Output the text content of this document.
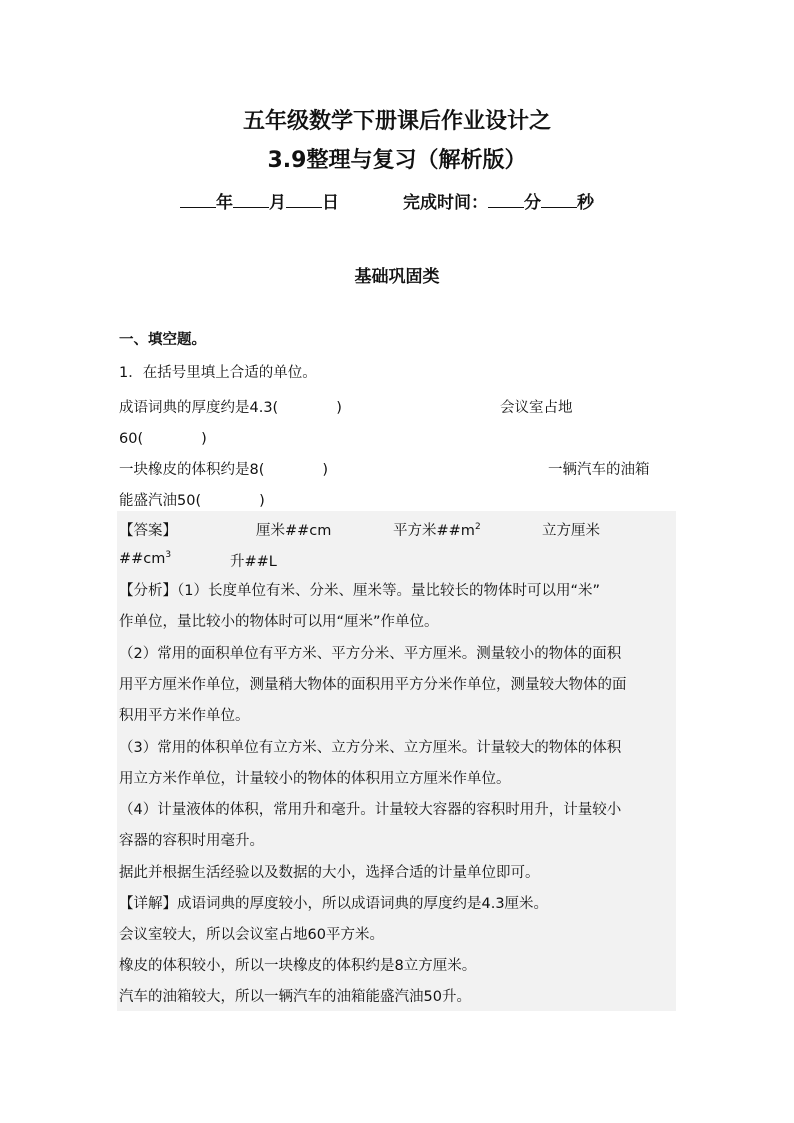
五年级数学下册课后作业设计之
3.9整理与复习（解析版）
年 月 日	完成时间： 分 秒
基础巩固类
一、填空题。
1．在括号里填上合适的单位。
成语词典的厚度约是4.3(　　　　)	会议室占地
60(　　　　)
一块橡皮的体积约是8(　　　　)	一辆汽车的油箱
能盛汽油50(　　　　)
【答案】	厘米##cm	平方米$\#\#m^2$	立方厘米
$\#\#cm^3$	升##L
【分析】（1）长度单位有米、分米、厘米等。量比较长的物体时可以用“米”
作单位，量比较小的物体时可以用“厘米”作单位。
（2）常用的面积单位有平方米、平方分米、平方厘米。测量较小的物体的面积
用平方厘米作单位，测量稍大物体的面积用平方分米作单位，测量较大物体的面
积用平方米作单位。
（3）常用的体积单位有立方米、立方分米、立方厘米。计量较大的物体的体积
用立方米作单位，计量较小的物体的体积用立方厘米作单位。
（4）计量液体的体积，常用升和毫升。计量较大容器的容积时用升，计量较小
容器的容积时用毫升。
据此并根据生活经验以及数据的大小，选择合适的计量单位即可。
【详解】成语词典的厚度较小，所以成语词典的厚度约是4.3厘米。
会议室较大，所以会议室占地60平方米。
橡皮的体积较小，所以一块橡皮的体积约是8立方厘米。
汽车的油箱较大，所以一辆汽车的油箱能盛汽油50升。
